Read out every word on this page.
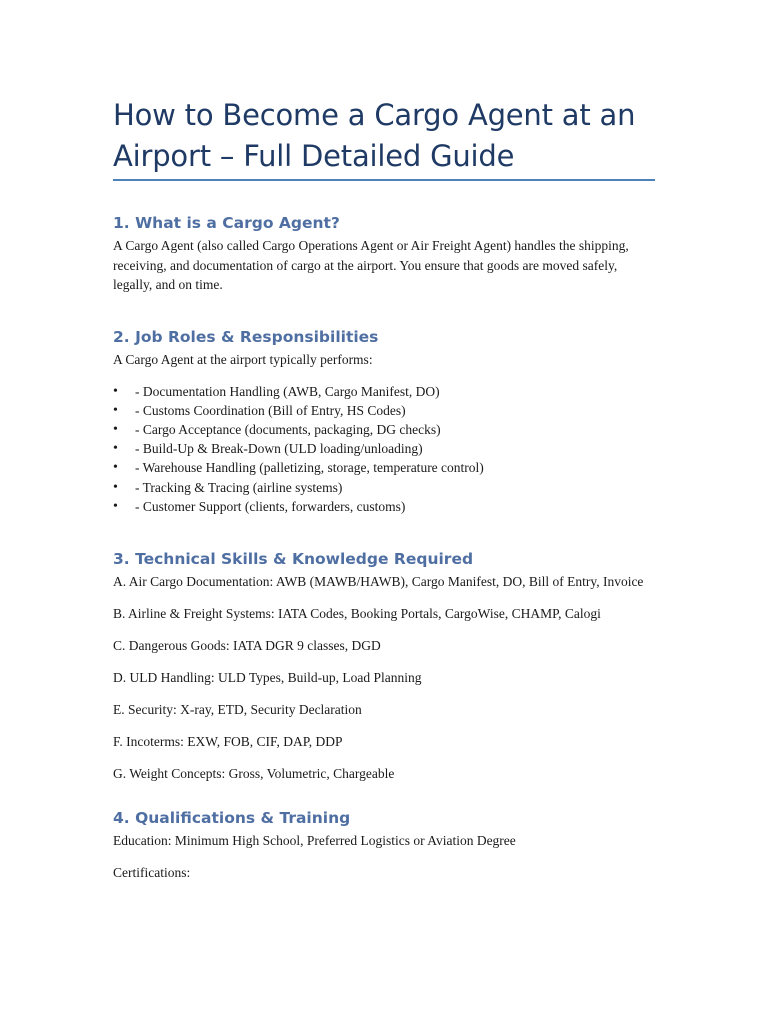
How to Become a Cargo Agent at an Airport – Full Detailed Guide
1. What is a Cargo Agent?

A Cargo Agent (also called Cargo Operations Agent or Air Freight Agent) handles the shipping, receiving, and documentation of cargo at the airport. You ensure that goods are moved safely, legally, and on time.

2. Job Roles & Responsibilities

A Cargo Agent at the airport typically performs:

• - Documentation Handling (AWB, Cargo Manifest, DO)
• - Customs Coordination (Bill of Entry, HS Codes)
• - Cargo Acceptance (documents, packaging, DG checks)
• - Build-Up & Break-Down (ULD loading/unloading)
• - Warehouse Handling (palletizing, storage, temperature control)
• - Tracking & Tracing (airline systems)
• - Customer Support (clients, forwarders, customs)
3. Technical Skills & Knowledge Required

A. Air Cargo Documentation: AWB (MAWB/HAWB), Cargo Manifest, DO, Bill of Entry, Invoice

B. Airline & Freight Systems: IATA Codes, Booking Portals, CargoWise, CHAMP, Calogi

C. Dangerous Goods: IATA DGR 9 classes, DGD

D. ULD Handling: ULD Types, Build-up, Load Planning

E. Security: X-ray, ETD, Security Declaration

F. Incoterms: EXW, FOB, CIF, DAP, DDP

G. Weight Concepts: Gross, Volumetric, Chargeable

4. Qualifications & Training

Education: Minimum High School, Preferred Logistics or Aviation Degree

Certifications:
